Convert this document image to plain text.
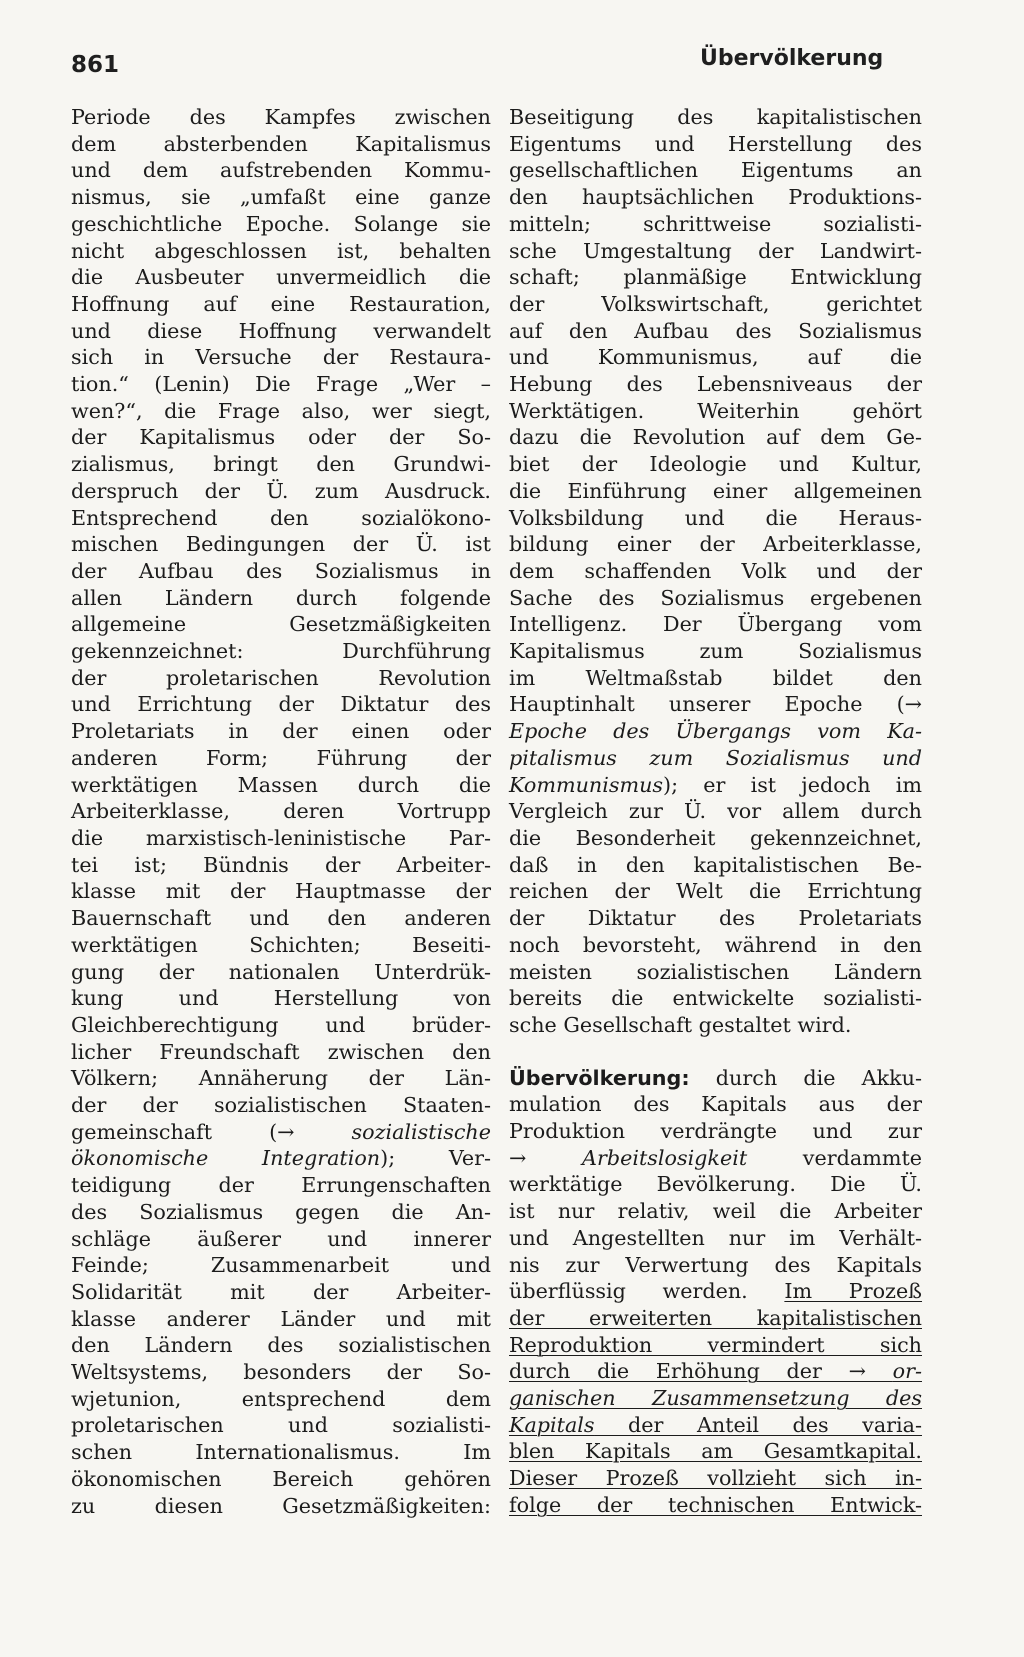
861	Übervölkerung
Periode des Kampfes zwischen
dem absterbenden Kapitalismus
und dem aufstrebenden Kommu-
nismus, sie „umfaßt eine ganze
geschichtliche Epoche. Solange sie
nicht abgeschlossen ist, behalten
die Ausbeuter unvermeidlich die
Hoffnung auf eine Restauration,
und diese Hoffnung verwandelt
sich in Versuche der Restaura-
tion.“ (Lenin) Die Frage „Wer –
wen?“, die Frage also, wer siegt,
der Kapitalismus oder der So-
zialismus, bringt den Grundwi-
derspruch der Ü. zum Ausdruck.
Entsprechend den sozialökono-
mischen Bedingungen der Ü. ist
der Aufbau des Sozialismus in
allen Ländern durch folgende
allgemeine Gesetzmäßigkeiten
gekennzeichnet: Durchführung
der proletarischen Revolution
und Errichtung der Diktatur des
Proletariats in der einen oder
anderen Form; Führung der
werktätigen Massen durch die
Arbeiterklasse, deren Vortrupp
die marxistisch-leninistische Par-
tei ist; Bündnis der Arbeiter-
klasse mit der Hauptmasse der
Bauernschaft und den anderen
werktätigen Schichten; Beseiti-
gung der nationalen Unterdrük-
kung und Herstellung von
Gleichberechtigung und brüder-
licher Freundschaft zwischen den
Völkern; Annäherung der Län-
der der sozialistischen Staaten-
gemeinschaft (→ sozialistische
ökonomische Integration); Ver-
teidigung der Errungenschaften
des Sozialismus gegen die An-
schläge äußerer und innerer
Feinde; Zusammenarbeit und
Solidarität mit der Arbeiter-
klasse anderer Länder und mit
den Ländern des sozialistischen
Weltsystems, besonders der So-
wjetunion, entsprechend dem
proletarischen und sozialisti-
schen Internationalismus. Im
ökonomischen Bereich gehören
zu diesen Gesetzmäßigkeiten:
Beseitigung des kapitalistischen
Eigentums und Herstellung des
gesellschaftlichen Eigentums an
den hauptsächlichen Produktions-
mitteln; schrittweise sozialisti-
sche Umgestaltung der Landwirt-
schaft; planmäßige Entwicklung
der Volkswirtschaft, gerichtet
auf den Aufbau des Sozialismus
und Kommunismus, auf die
Hebung des Lebensniveaus der
Werktätigen. Weiterhin gehört
dazu die Revolution auf dem Ge-
biet der Ideologie und Kultur,
die Einführung einer allgemeinen
Volksbildung und die Heraus-
bildung einer der Arbeiterklasse,
dem schaffenden Volk und der
Sache des Sozialismus ergebenen
Intelligenz. Der Übergang vom
Kapitalismus zum Sozialismus
im Weltmaßstab bildet den
Hauptinhalt unserer Epoche (→
Epoche des Übergangs vom Ka-
pitalismus zum Sozialismus und
Kommunismus); er ist jedoch im
Vergleich zur Ü. vor allem durch
die Besonderheit gekennzeichnet,
daß in den kapitalistischen Be-
reichen der Welt die Errichtung
der Diktatur des Proletariats
noch bevorsteht, während in den
meisten sozialistischen Ländern
bereits die entwickelte sozialisti-
sche Gesellschaft gestaltet wird.
Übervölkerung: durch die Akku-
mulation des Kapitals aus der
Produktion verdrängte und zur
→ Arbeitslosigkeit verdammte
werktätige Bevölkerung. Die Ü.
ist nur relativ, weil die Arbeiter
und Angestellten nur im Verhält-
nis zur Verwertung des Kapitals
überflüssig werden. Im Prozeß
der erweiterten kapitalistischen
Reproduktion vermindert sich
durch die Erhöhung der → or-
ganischen Zusammensetzung des
Kapitals der Anteil des varia-
blen Kapitals am Gesamtkapital.
Dieser Prozeß vollzieht sich in-
folge der technischen Entwick-
